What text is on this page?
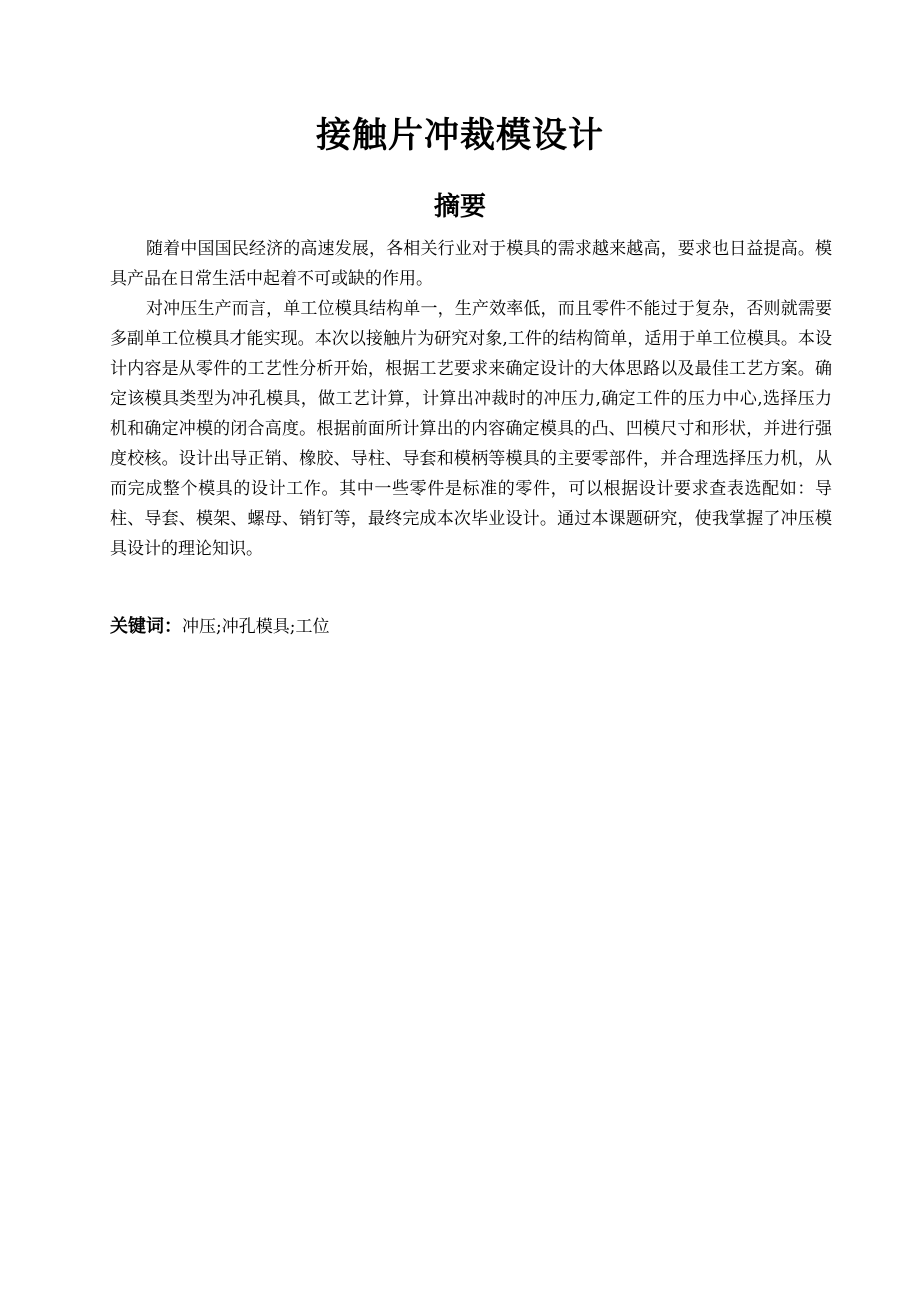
接触片冲裁模设计
摘要

随着中国国民经济的高速发展，各相关行业对于模具的需求越来越高，要求也日益提高。模具产品在日常生活中起着不可或缺的作用。

对冲压生产而言，单工位模具结构单一，生产效率低，而且零件不能过于复杂，否则就需要多副单工位模具才能实现。本次以接触片为研究对象,工件的结构简单，适用于单工位模具。本设计内容是从零件的工艺性分析开始，根据工艺要求来确定设计的大体思路以及最佳工艺方案。确定该模具类型为冲孔模具，做工艺计算，计算出冲裁时的冲压力,确定工件的压力中心,选择压力机和确定冲模的闭合高度。根据前面所计算出的内容确定模具的凸、凹模尺寸和形状，并进行强度校核。设计出导正销、橡胶、导柱、导套和模柄等模具的主要零部件，并合理选择压力机，从而完成整个模具的设计工作。其中一些零件是标准的零件，可以根据设计要求查表选配如：导柱、导套、模架、螺母、销钉等，最终完成本次毕业设计。通过本课题研究，使我掌握了冲压模具设计的理论知识。

关键词：冲压;冲孔模具;工位
